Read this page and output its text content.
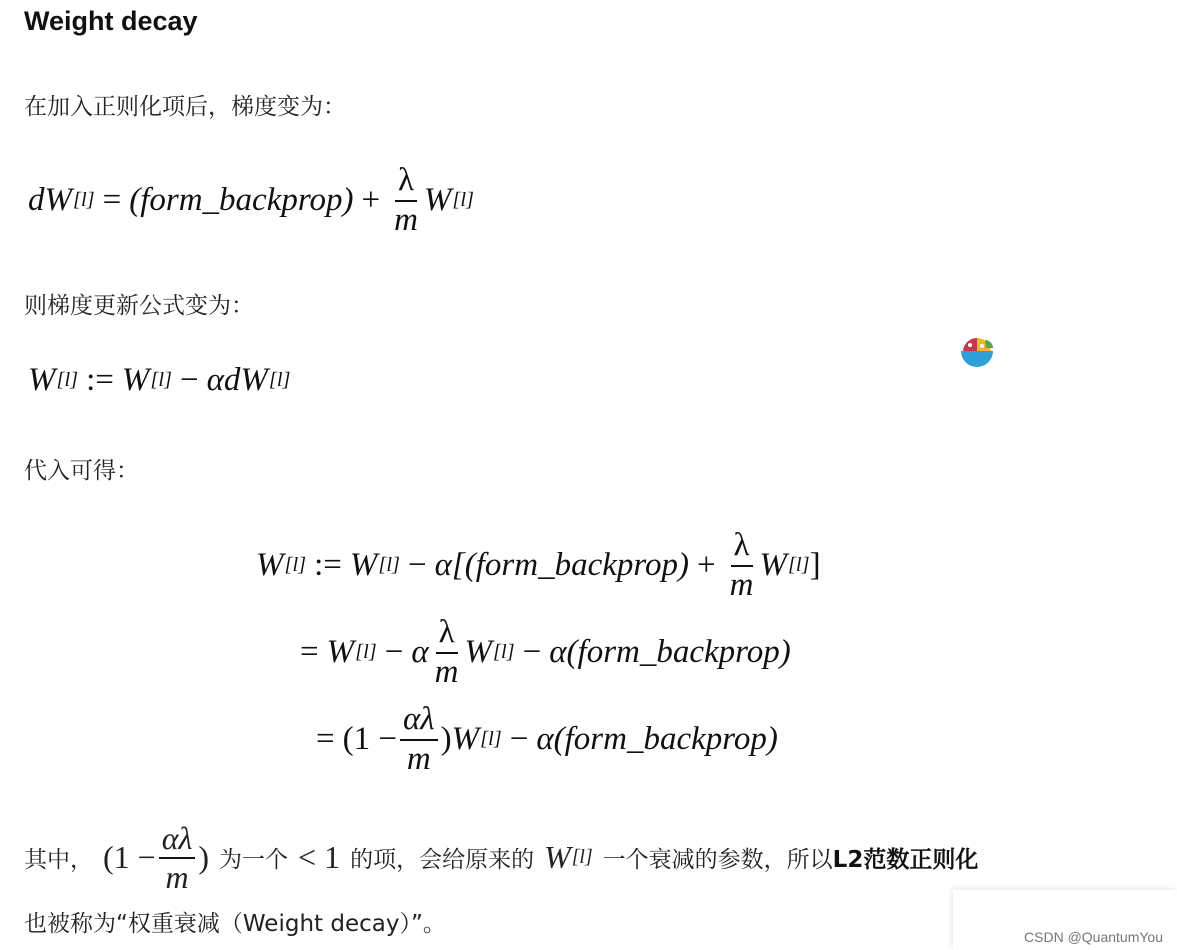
Weight decay
在加入正则化项后，梯度变为：
dW [l] = (form_backprop) + $\frac{\lambda}{m}$ W [l]
则梯度更新公式变为：
W [l] := W [l] − αdW [l]
代入可得：
W [l] := W [l] − α[(form_backprop) + $\frac{\lambda}{m}$ W [l] ]
= W [l] − α $\frac{\lambda}{m}$ W [l] − α(form_backprop)
= ($1 - \frac{\alpha\lambda}{m}$ ) W [l] − α(form_backprop)
其中， ($1 - \frac{\alpha\lambda}{m}$ ) 为一个 < 1 的项，会给原来的 W [l] 一个衰减的参数，所以 L2范数正则化
也被称为“权重衰减（Weight decay）”。	CSDN @QuantumYou
